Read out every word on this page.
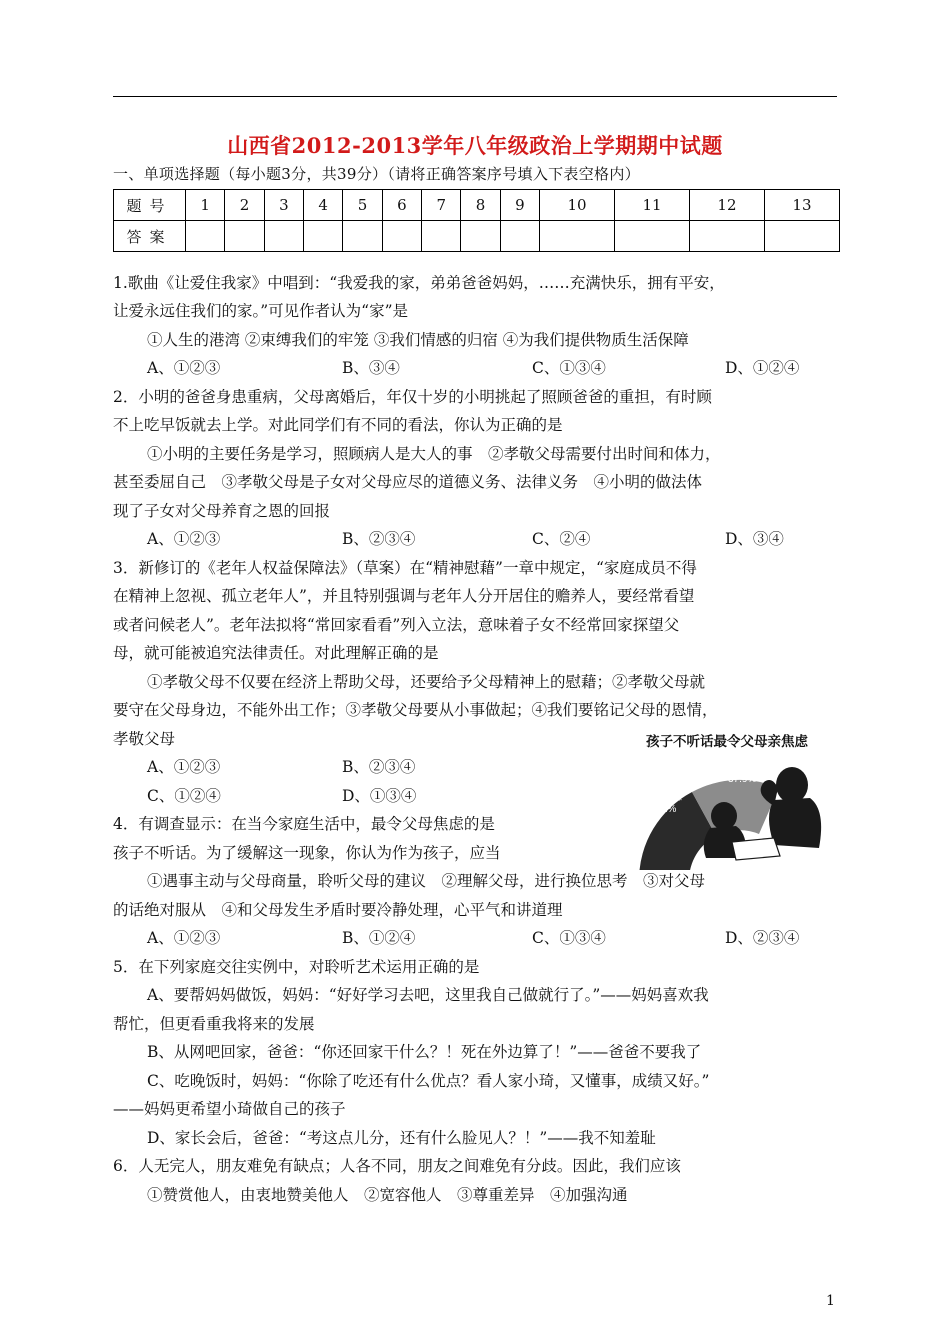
山西省2012-2013学年八年级政治上学期期中试题
一、单项选择题（每小题3分，共39分）（请将正确答案序号填入下表空格内）
题号	1	2	3	4	5	6	7	8	9	10	11	12	13
答案													
1.歌曲《让爱住我家》中唱到：“我爱我的家，弟弟爸爸妈妈，……充满快乐，拥有平安，
让爱永远住我们的家。”可见作者认为“家”是
①人生的港湾 ②束缚我们的牢笼 ③我们情感的归宿 ④为我们提供物质生活保障
A、①②③	B、③④	C、①③④	D、①②④
2．小明的爸爸身患重病，父母离婚后，年仅十岁的小明挑起了照顾爸爸的重担，有时顾
不上吃早饭就去上学。对此同学们有不同的看法，你认为正确的是
①小明的主要任务是学习，照顾病人是大人的事　②孝敬父母需要付出时间和体力，
甚至委屈自己　③孝敬父母是子女对父母应尽的道德义务、法律义务　④小明的做法体
现了子女对父母养育之恩的回报
A、①②③	B、②③④	C、②④	D、③④
3．新修订的《老年人权益保障法》（草案）在“精神慰藉”一章中规定，“家庭成员不得
在精神上忽视、孤立老年人”，并且特别强调与老年人分开居住的赡养人，要经常看望
或者问候老人”。老年法拟将“常回家看看”列入立法，意味着子女不经常回家探望父
母，就可能被追究法律责任。对此理解正确的是
①孝敬父母不仅要在经济上帮助父母，还要给予父母精神上的慰藉；②孝敬父母就
要守在父母身边，不能外出工作；③孝敬父母要从小事做起；④我们要铭记父母的恩情，
孝敬父母
A、①②③	B、②③④
C、①②④	D、①③④
孩子不听话最令父母亲焦虑
从不焦虑
37.9%
经常焦虑
62.1%
4．有调查显示：在当今家庭生活中，最令父母焦虑的是
孩子不听话。为了缓解这一现象，你认为作为孩子，应当
①遇事主动与父母商量，聆听父母的建议　②理解父母，进行换位思考　③对父母
的话绝对服从　④和父母发生矛盾时要冷静处理，心平气和讲道理
A、①②③	B、①②④	C、①③④	D、②③④
5．在下列家庭交往实例中，对聆听艺术运用正确的是
A、要帮妈妈做饭，妈妈：“好好学习去吧，这里我自己做就行了。”——妈妈喜欢我
帮忙，但更看重我将来的发展
B、从网吧回家，爸爸：“你还回家干什么？！死在外边算了！”——爸爸不要我了
C、吃晚饭时，妈妈：“你除了吃还有什么优点？看人家小琦，又懂事，成绩又好。”
——妈妈更希望小琦做自己的孩子
D、家长会后，爸爸：“考这点儿分，还有什么脸见人？！”——我不知羞耻
6．人无完人，朋友难免有缺点；人各不同，朋友之间难免有分歧。因此，我们应该
①赞赏他人，由衷地赞美他人　②宽容他人　③尊重差异　④加强沟通
1
